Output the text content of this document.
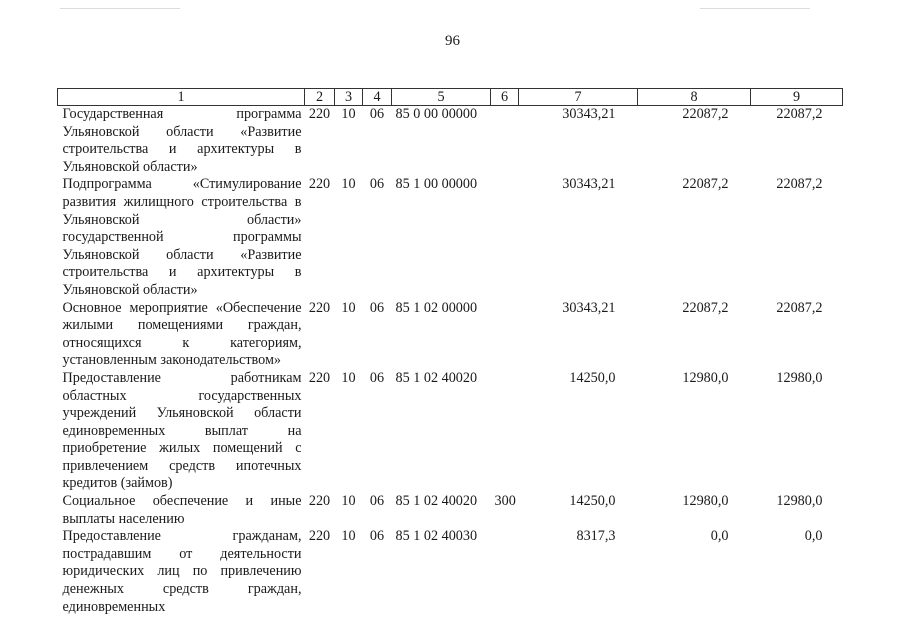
96
1	2	3	4	5	6	7	8	9
Государственная программа Ульяновской области «Развитие строительства и архитектуры в Ульяновской области»	220	10	06	85 0 00 00000		30343,21	22087,2	22087,2
Подпрограмма «Стимулирование развития жилищного строительства в Ульяновской области» государственной программы Ульяновской области «Развитие строительства и архитектуры в Ульяновской области»	220	10	06	85 1 00 00000		30343,21	22087,2	22087,2
Основное мероприятие «Обеспечение жилыми помещениями граждан, относящихся к категориям, установленным законодательством»	220	10	06	85 1 02 00000		30343,21	22087,2	22087,2
Предоставление работникам областных государственных учреждений Ульяновской области единовременных выплат на приобретение жилых помещений с привлечением средств ипотечных кредитов (займов)	220	10	06	85 1 02 40020		14250,0	12980,0	12980,0
Социальное обеспечение и иные выплаты населению	220	10	06	85 1 02 40020	300	14250,0	12980,0	12980,0
Предоставление гражданам, пострадавшим от деятельности юридических лиц по привлечению денежных средств граждан, единовременных	220	10	06	85 1 02 40030		8317,3	0,0	0,0
